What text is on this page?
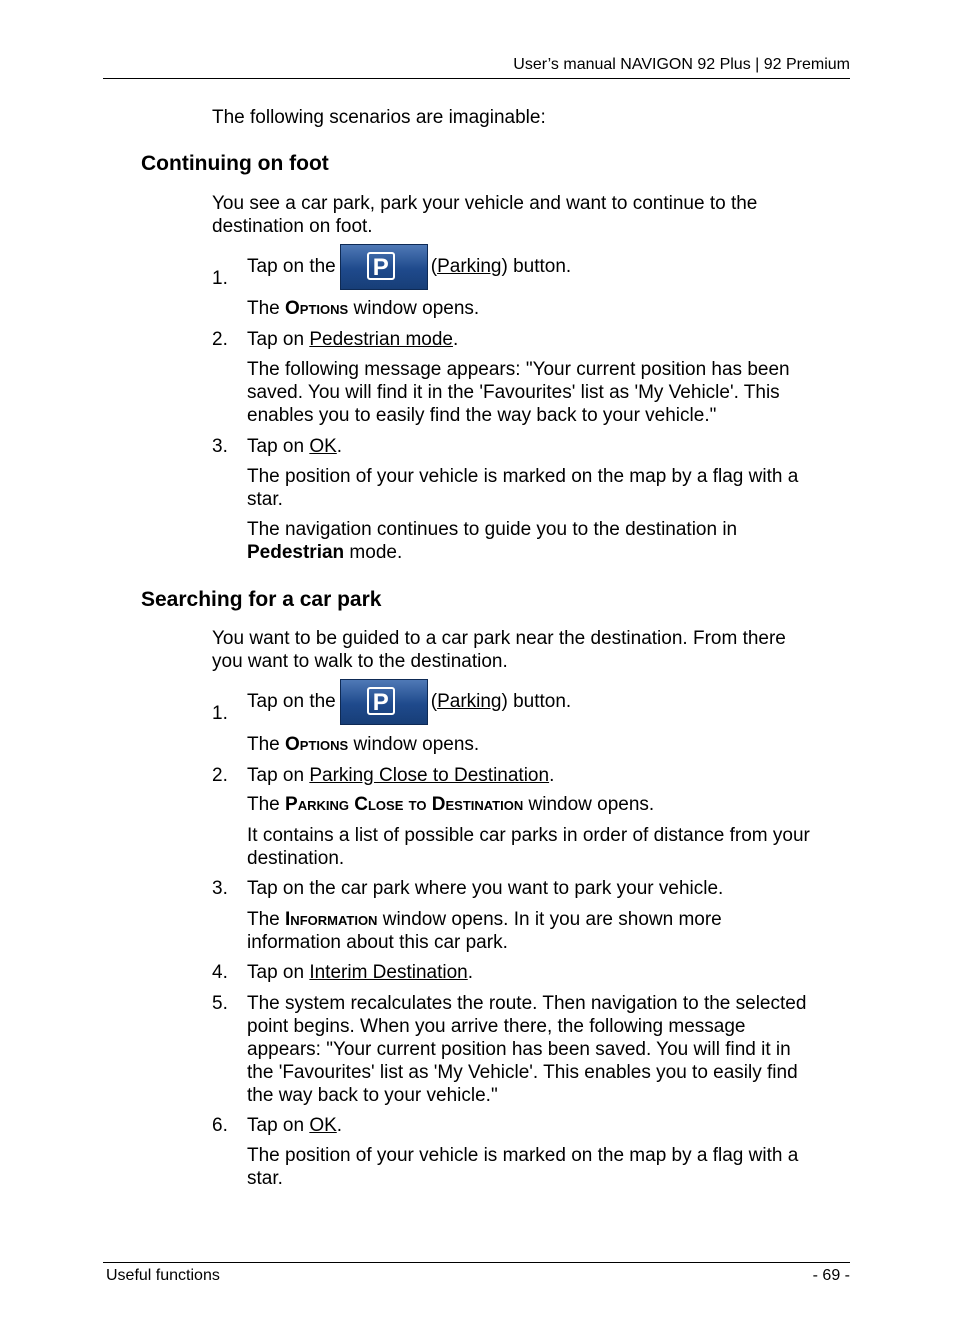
User’s manual NAVIGON 92 Plus | 92 Premium
The following scenarios are imaginable:
Continuing on foot
You see a car park, park your vehicle and want to continue to the
destination on foot.
1.
Tap on the P	(Parking) button.
The Options window opens.
2. Tap on Pedestrian mode.
The following message appears: "Your current position has been
saved. You will find it in the 'Favourites' list as 'My Vehicle'. This
enables you to easily find the way back to your vehicle."
3. Tap on OK.
The position of your vehicle is marked on the map by a flag with a
star.
The navigation continues to guide you to the destination in
Pedestrian mode.
Searching for a car park
You want to be guided to a car park near the destination. From there
you want to walk to the destination.
1.
Tap on the P	(Parking) button.
The Options window opens.
2. Tap on Parking Close to Destination.
The Parking Close to Destination window opens.
It contains a list of possible car parks in order of distance from your
destination.
3. Tap on the car park where you want to park your vehicle.
The Information window opens. In it you are shown more
information about this car park.
4. Tap on Interim Destination.
5. The system recalculates the route. Then navigation to the selected
point begins. When you arrive there, the following message
appears: "Your current position has been saved. You will find it in
the 'Favourites' list as 'My Vehicle'. This enables you to easily find
the way back to your vehicle."
6. Tap on OK.
The position of your vehicle is marked on the map by a flag with a
star.
Useful functions	- 69 -
